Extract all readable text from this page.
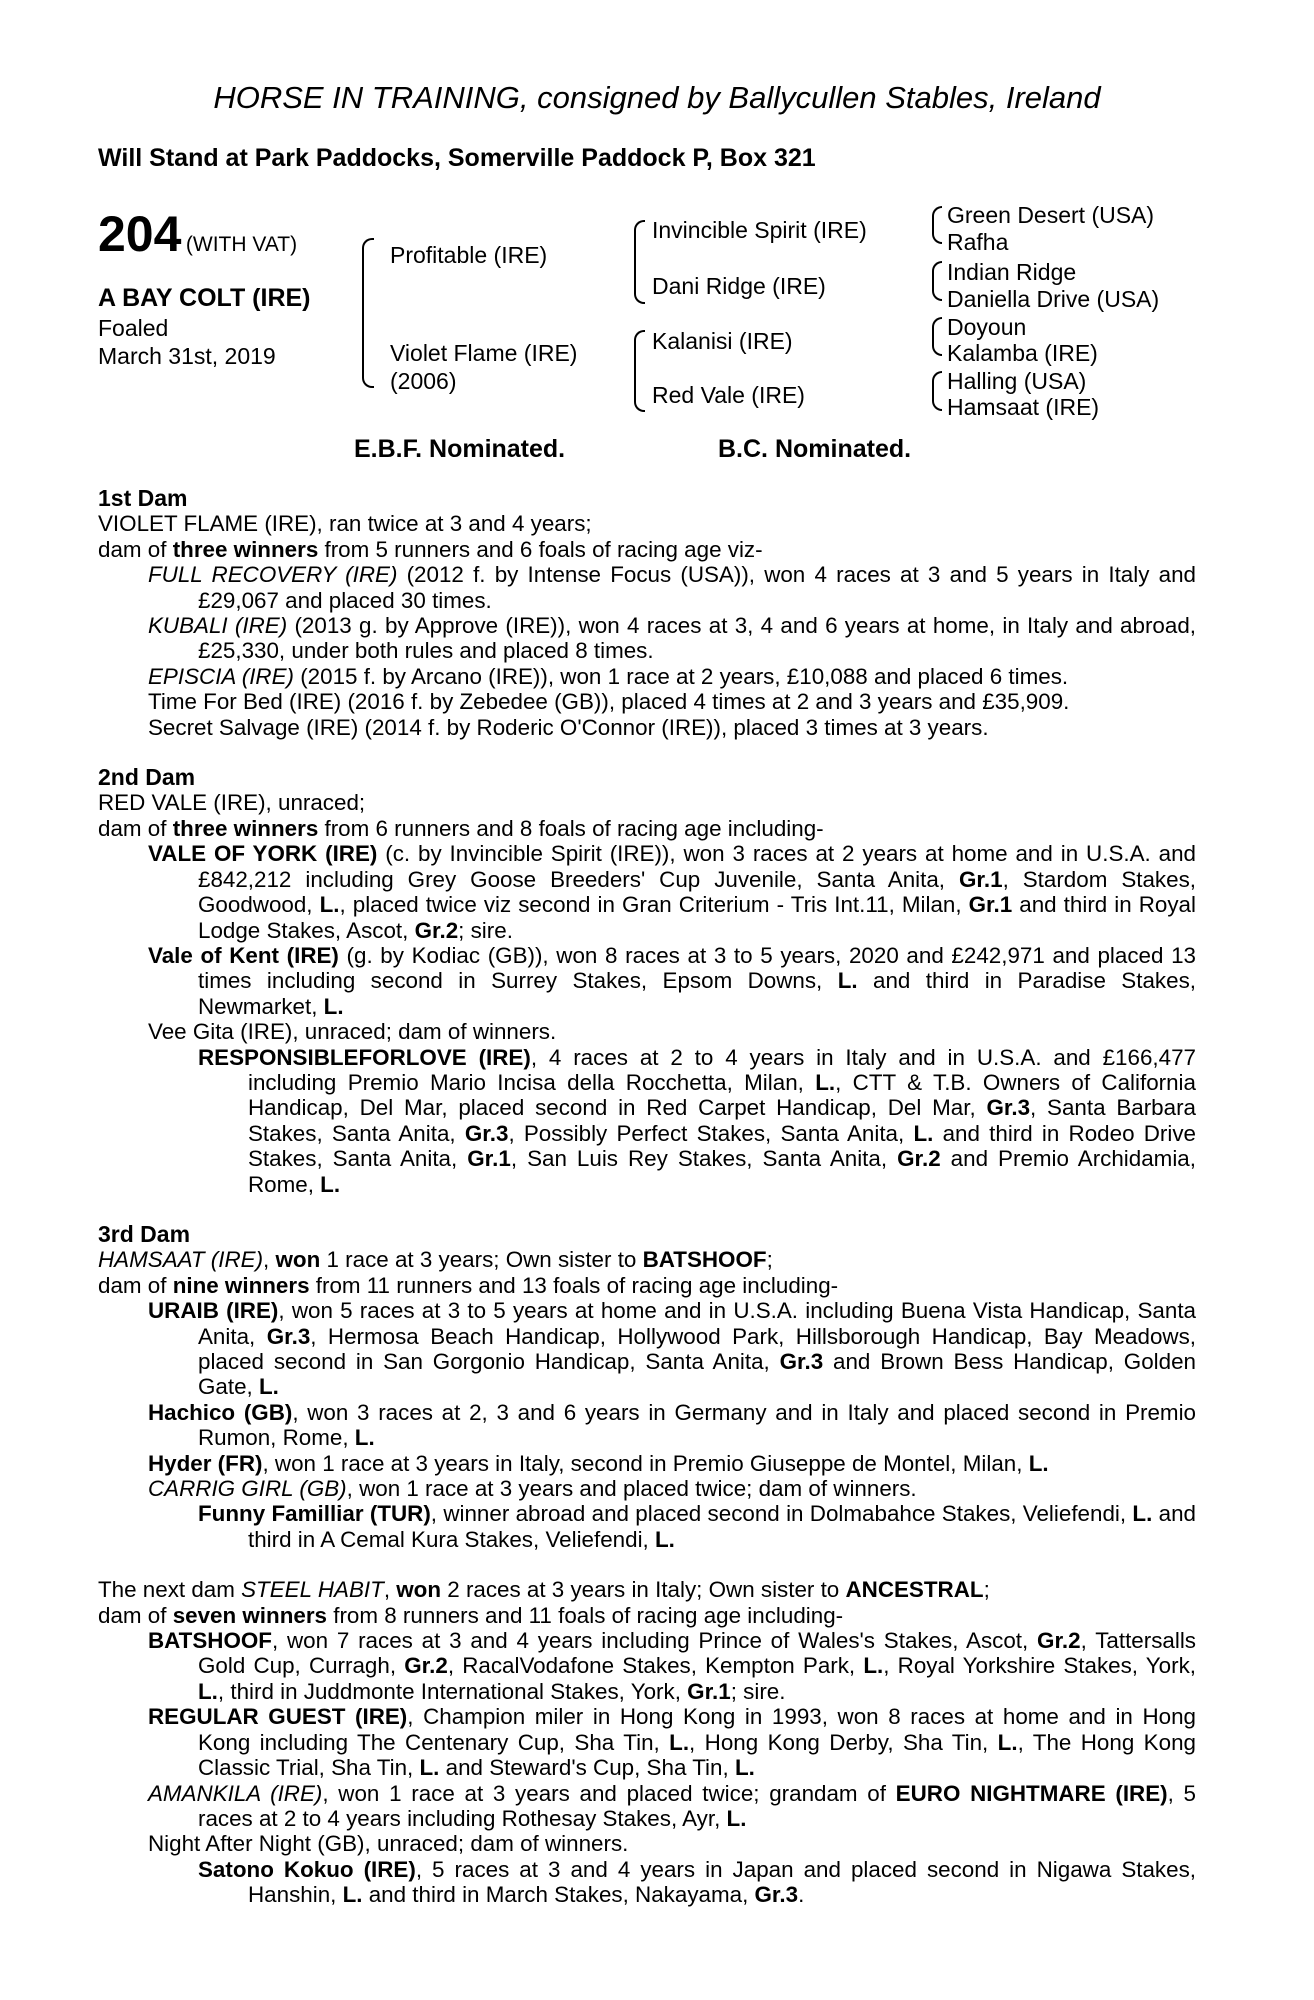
HORSE IN TRAINING, consigned by Ballycullen Stables, Ireland
Will Stand at Park Paddocks, Somerville Paddock P, Box 321
204 (WITH VAT)
A BAY COLT (IRE)
Foaled
March 31st, 2019
Profitable (IRE)
Violet Flame (IRE)
(2006)
Invincible Spirit (IRE)
Dani Ridge (IRE)
Kalanisi (IRE)
Red Vale (IRE)
Green Desert (USA)
Rafha
Indian Ridge
Daniella Drive (USA)
Doyoun
Kalamba (IRE)
Halling (USA)
Hamsaat (IRE)
E.B.F. Nominated.	B.C. Nominated.

1st Dam

VIOLET FLAME (IRE), ran twice at 3 and 4 years;

dam of three winners from 5 runners and 6 foals of racing age viz-

FULL RECOVERY (IRE) (2012 f. by Intense Focus (USA)), won 4 races at 3 and 5 years in Italy and £29,067 and placed 30 times.

KUBALI (IRE) (2013 g. by Approve (IRE)), won 4 races at 3, 4 and 6 years at home, in Italy and abroad, £25,330, under both rules and placed 8 times.

EPISCIA (IRE) (2015 f. by Arcano (IRE)), won 1 race at 2 years, £10,088 and placed 6 times.

Time For Bed (IRE) (2016 f. by Zebedee (GB)), placed 4 times at 2 and 3 years and £35,909.

Secret Salvage (IRE) (2014 f. by Roderic O'Connor (IRE)), placed 3 times at 3 years.

2nd Dam

RED VALE (IRE), unraced;

dam of three winners from 6 runners and 8 foals of racing age including-

VALE OF YORK (IRE) (c. by Invincible Spirit (IRE)), won 3 races at 2 years at home and in U.S.A. and £842,212 including Grey Goose Breeders' Cup Juvenile, Santa Anita, Gr.1, Stardom Stakes, Goodwood, L., placed twice viz second in Gran Criterium - Tris Int.11, Milan, Gr.1 and third in Royal Lodge Stakes, Ascot, Gr.2; sire.

Vale of Kent (IRE) (g. by Kodiac (GB)), won 8 races at 3 to 5 years, 2020 and £242,971 and placed 13 times including second in Surrey Stakes, Epsom Downs, L. and third in Paradise Stakes, Newmarket, L.

Vee Gita (IRE), unraced; dam of winners.

RESPONSIBLEFORLOVE (IRE), 4 races at 2 to 4 years in Italy and in U.S.A. and £166,477 including Premio Mario Incisa della Rocchetta, Milan, L., CTT & T.B. Owners of California Handicap, Del Mar, placed second in Red Carpet Handicap, Del Mar, Gr.3, Santa Barbara Stakes, Santa Anita, Gr.3, Possibly Perfect Stakes, Santa Anita, L. and third in Rodeo Drive Stakes, Santa Anita, Gr.1, San Luis Rey Stakes, Santa Anita, Gr.2 and Premio Archidamia, Rome, L.

3rd Dam

HAMSAAT (IRE), won 1 race at 3 years; Own sister to BATSHOOF;

dam of nine winners from 11 runners and 13 foals of racing age including-

URAIB (IRE), won 5 races at 3 to 5 years at home and in U.S.A. including Buena Vista Handicap, Santa Anita, Gr.3, Hermosa Beach Handicap, Hollywood Park, Hillsborough Handicap, Bay Meadows, placed second in San Gorgonio Handicap, Santa Anita, Gr.3 and Brown Bess Handicap, Golden Gate, L.

Hachico (GB), won 3 races at 2, 3 and 6 years in Germany and in Italy and placed second in Premio Rumon, Rome, L.

Hyder (FR), won 1 race at 3 years in Italy, second in Premio Giuseppe de Montel, Milan, L.

CARRIG GIRL (GB), won 1 race at 3 years and placed twice; dam of winners.

Funny Familliar (TUR), winner abroad and placed second in Dolmabahce Stakes, Veliefendi, L. and third in A Cemal Kura Stakes, Veliefendi, L.

The next dam STEEL HABIT, won 2 races at 3 years in Italy; Own sister to ANCESTRAL;

dam of seven winners from 8 runners and 11 foals of racing age including-

BATSHOOF, won 7 races at 3 and 4 years including Prince of Wales's Stakes, Ascot, Gr.2, Tattersalls Gold Cup, Curragh, Gr.2, RacalVodafone Stakes, Kempton Park, L., Royal Yorkshire Stakes, York, L., third in Juddmonte International Stakes, York, Gr.1; sire.

REGULAR GUEST (IRE), Champion miler in Hong Kong in 1993, won 8 races at home and in Hong Kong including The Centenary Cup, Sha Tin, L., Hong Kong Derby, Sha Tin, L., The Hong Kong Classic Trial, Sha Tin, L. and Steward's Cup, Sha Tin, L.

AMANKILA (IRE), won 1 race at 3 years and placed twice; grandam of EURO NIGHTMARE (IRE), 5 races at 2 to 4 years including Rothesay Stakes, Ayr, L.

Night After Night (GB), unraced; dam of winners.

Satono Kokuo (IRE), 5 races at 3 and 4 years in Japan and placed second in Nigawa Stakes, Hanshin, L. and third in March Stakes, Nakayama, Gr.3.
